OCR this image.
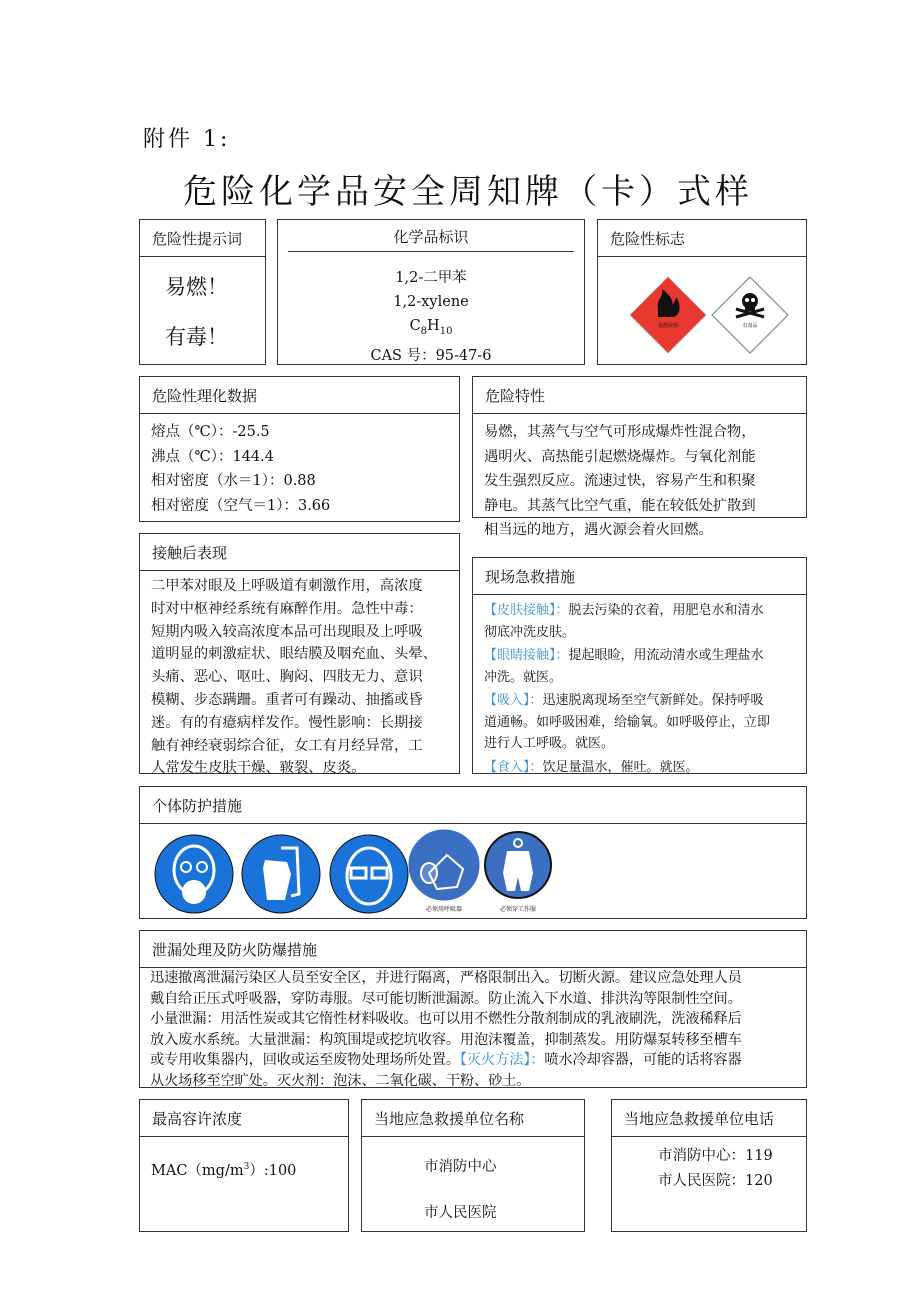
附件 1:
危险化学品安全周知牌（卡）式样
危险性提示词
易燃！
有毒！
化学品标识
1,2-二甲苯
1,2-xylene
$C_8H_{10}$
CAS 号：95-47-6
危险性标志
易燃液体	有毒品
危险性理化数据
熔点（℃）：-25.5
沸点（℃）：144.4
相对密度（水＝1）：0.88
相对密度（空气＝1）：3.66
危险特性
易燃，其蒸气与空气可形成爆炸性混合物，
遇明火、高热能引起燃烧爆炸。与氧化剂能
发生强烈反应。流速过快，容易产生和积聚
静电。其蒸气比空气重，能在较低处扩散到
相当远的地方，遇火源会着火回燃。
接触后表现
二甲苯对眼及上呼吸道有刺激作用，高浓度
时对中枢神经系统有麻醉作用。急性中毒：
短期内吸入较高浓度本品可出现眼及上呼吸
道明显的刺激症状、眼结膜及咽充血、头晕、
头痛、恶心、呕吐、胸闷、四肢无力、意识
模糊、步态蹒跚。重者可有躁动、抽搐或昏
迷。有的有癔病样发作。慢性影响：长期接
触有神经衰弱综合征，女工有月经异常，工
人常发生皮肤干燥、皲裂、皮炎。
现场急救措施
【皮肤接触】：脱去污染的衣着，用肥皂水和清水
彻底冲洗皮肤。
【眼睛接触】：提起眼睑，用流动清水或生理盐水
冲洗。就医。
【吸入】：迅速脱离现场至空气新鲜处。保持呼吸
道通畅。如呼吸困难，给输氧。如呼吸停止，立即
进行人工呼吸。就医。
【食入】：饮足量温水，催吐。就医。
个体防护措施
必须用呼吸器	必须穿工作服
泄漏处理及防火防爆措施
迅速撤离泄漏污染区人员至安全区，并进行隔离，严格限制出入。切断火源。建议应急处理人员
戴自给正压式呼吸器，穿防毒服。尽可能切断泄漏源。防止流入下水道、排洪沟等限制性空间。
小量泄漏：用活性炭或其它惰性材料吸收。也可以用不燃性分散剂制成的乳液刷洗，洗液稀释后
放入废水系统。大量泄漏：构筑围堤或挖坑收容。用泡沫覆盖，抑制蒸发。用防爆泵转移至槽车
或专用收集器内，回收或运至废物处理场所处置。【灭火方法】：喷水冷却容器，可能的话将容器
从火场移至空旷处。灭火剂：泡沫、二氧化碳、干粉、砂土。
最高容许浓度
$MAC(mg/m^3):100$
当地应急救援单位名称
市消防中心
市人民医院
当地应急救援单位电话
市消防中心：119
市人民医院：120
